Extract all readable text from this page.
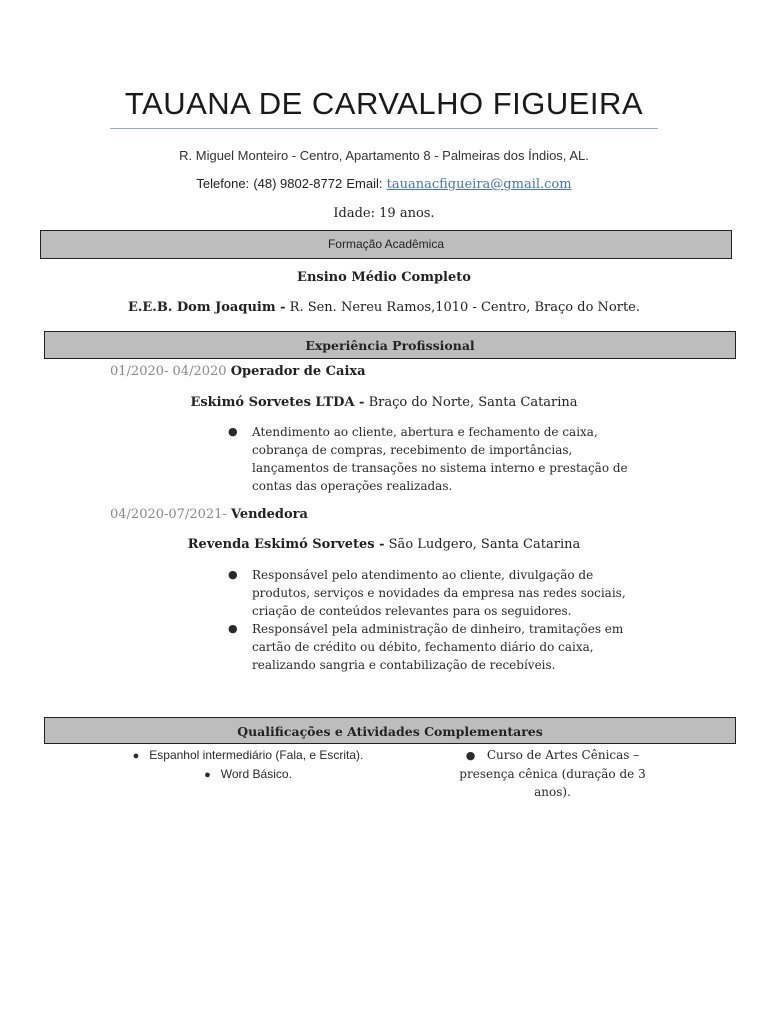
TAUANA DE CARVALHO FIGUEIRA
R. Miguel Monteiro - Centro, Apartamento 8 - Palmeiras dos Índios, AL.
Telefone: (48) 9802-8772 Email: tauanacfigueira@gmail.com
Idade: 19 anos.
Formação Acadêmica
Ensino Médio Completo
E.E.B. Dom Joaquim - R. Sen. Nereu Ramos,1010 - Centro, Braço do Norte.
Experiência Profissional
01/2020- 04/2020 Operador de Caixa
Eskimó Sorvetes LTDA - Braço do Norte, Santa Catarina
● Atendimento ao cliente, abertura e fechamento de caixa, cobrança de compras, recebimento de importâncias, lançamentos de transações no sistema interno e prestação de contas das operações realizadas.
04/2020-07/2021- Vendedora
Revenda Eskimó Sorvetes - São Ludgero, Santa Catarina
● Responsável pelo atendimento ao cliente, divulgação de produtos, serviços e novidades da empresa nas redes sociais, criação de conteúdos relevantes para os seguidores.
● Responsável pela administração de dinheiro, tramitações em cartão de crédito ou débito, fechamento diário do caixa, realizando sangria e contabilização de recebíveis.
Qualificações e Atividades Complementares
● Espanhol intermediário (Fala, e Escrita).
● Word Básico.
● Curso de Artes Cênicas – presença cênica (duração de 3 anos).
